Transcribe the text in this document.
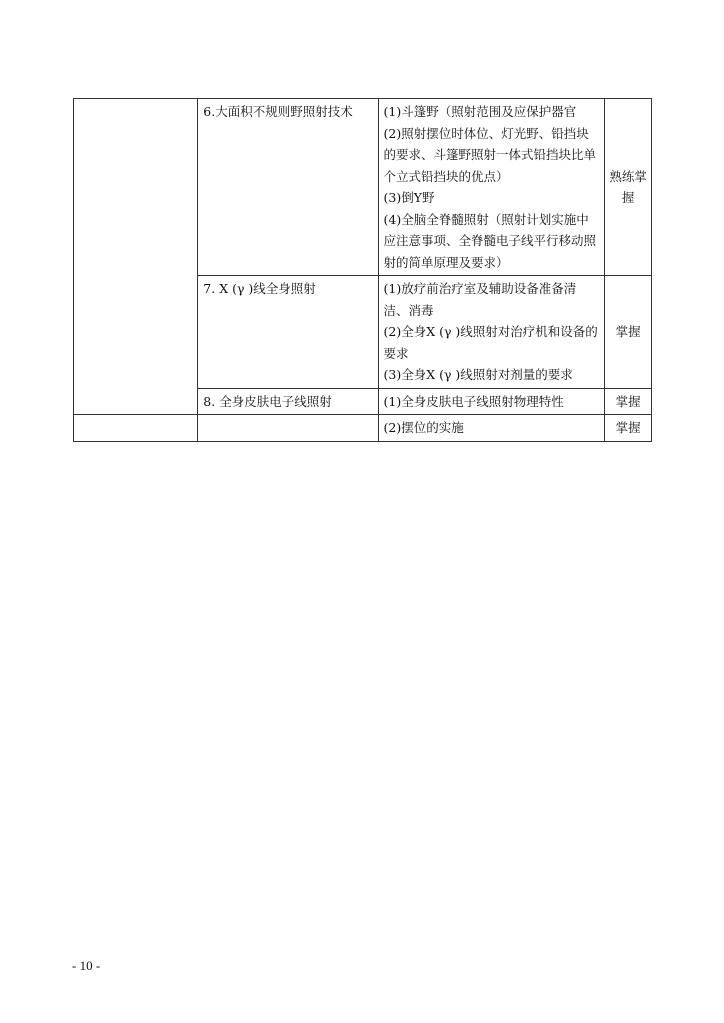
	6.大面积不规则野照射技术	(1)斗篷野（照射范围及应保护器官
(2)照射摆位时体位、灯光野、铅挡块的要求、斗篷野照射一体式铅挡块比单个立式铅挡块的优点）
(3)倒Y野
(4)全脑全脊髓照射（照射计划实施中应注意事项、全脊髓电子线平行移动照射的简单原理及要求）	熟练掌握
	7. X (γ )线全身照射	(1)放疗前治疗室及辅助设备准备清洁、消毒
(2)全身X (γ )线照射对治疗机和设备的要求
(3)全身X (γ )线照射对剂量的要求	掌握
	8. 全身皮肤电子线照射	(1)全身皮肤电子线照射物理特性	掌握

		(2)摆位的实施	掌握
- 10 -
